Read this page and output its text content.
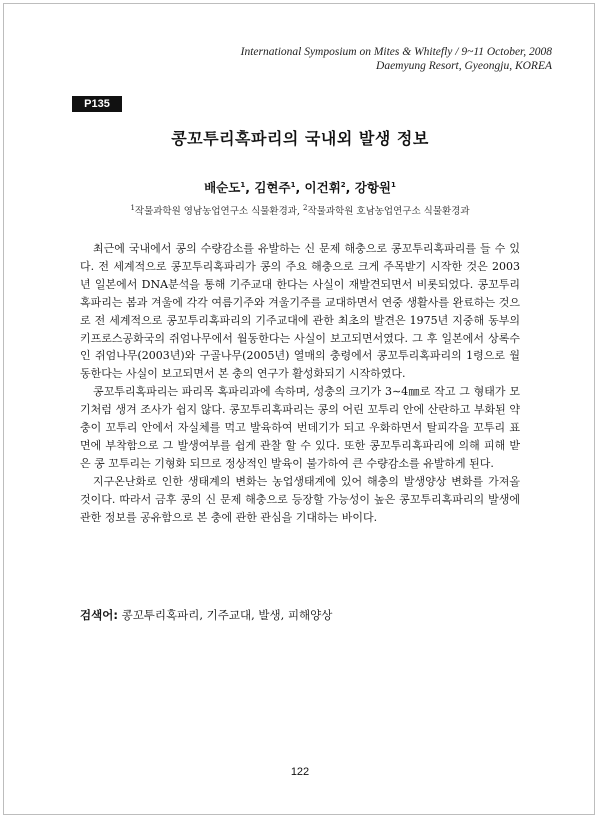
International Symposium on Mites & Whitefly / 9~11 October, 2008
Daemyung Resort, Gyeongju, KOREA
P135
콩꼬투리혹파리의 국내외 발생 정보
배순도$^1$, 김현주$^1$, 이건휘$^2$, 강항원$^1$
$^1$작물과학원 영남농업연구소 식물환경과, $^2$작물과학원 호남농업연구소 식물환경과

최근에 국내에서 콩의 수량감소를 유발하는 신 문제 해충으로 콩꼬투리혹파리를 들 수 있다. 전 세계적으로 콩꼬투리혹파리가 콩의 주요 해충으로 크게 주목받기 시작한 것은 2003년 일본에서 DNA분석을 통해 기주교대 한다는 사실이 재발견되면서 비롯되었다. 콩꼬투리혹파리는 봄과 겨울에 각각 여름기주와 겨울기주를 교대하면서 연중 생활사를 완료하는 것으로 전 세계적으로 콩꼬투리혹파리의 기주교대에 관한 최초의 발견은 1975년 지중해 동부의 키프로스공화국의 쥐엄나무에서 월동한다는 사실이 보고되면서였다. 그 후 일본에서 상록수인 쥐엄나무(2003년)와 구골나무(2005년) 열매의 충령에서 콩꼬투리혹파리의 1령으로 월동한다는 사실이 보고되면서 본 충의 연구가 활성화되기 시작하였다.

콩꼬투리혹파리는 파리목 혹파리과에 속하며, 성충의 크기가 3∼4㎜로 작고 그 형태가 모기처럼 생겨 조사가 쉽지 않다. 콩꼬투리혹파리는 콩의 어린 꼬투리 안에 산란하고 부화된 약충이 꼬투리 안에서 자실체를 먹고 발육하여 번데기가 되고 우화하면서 탈피각을 꼬투리 표면에 부착함으로 그 발생여부를 쉽게 관찰 할 수 있다. 또한 콩꼬투리혹파리에 의해 피해 받은 콩 꼬투리는 기형화 되므로 정상적인 발육이 불가하여 큰 수량감소를 유발하게 된다.

지구온난화로 인한 생태계의 변화는 농업생태계에 있어 해충의 발생양상 변화를 가져올 것이다. 따라서 금후 콩의 신 문제 해충으로 등장할 가능성이 높은 콩꼬투리혹파리의 발생에 관한 정보를 공유함으로 본 충에 관한 관심을 기대하는 바이다.

검색어: 콩꼬투리혹파리, 기주교대, 발생, 피해양상
122
